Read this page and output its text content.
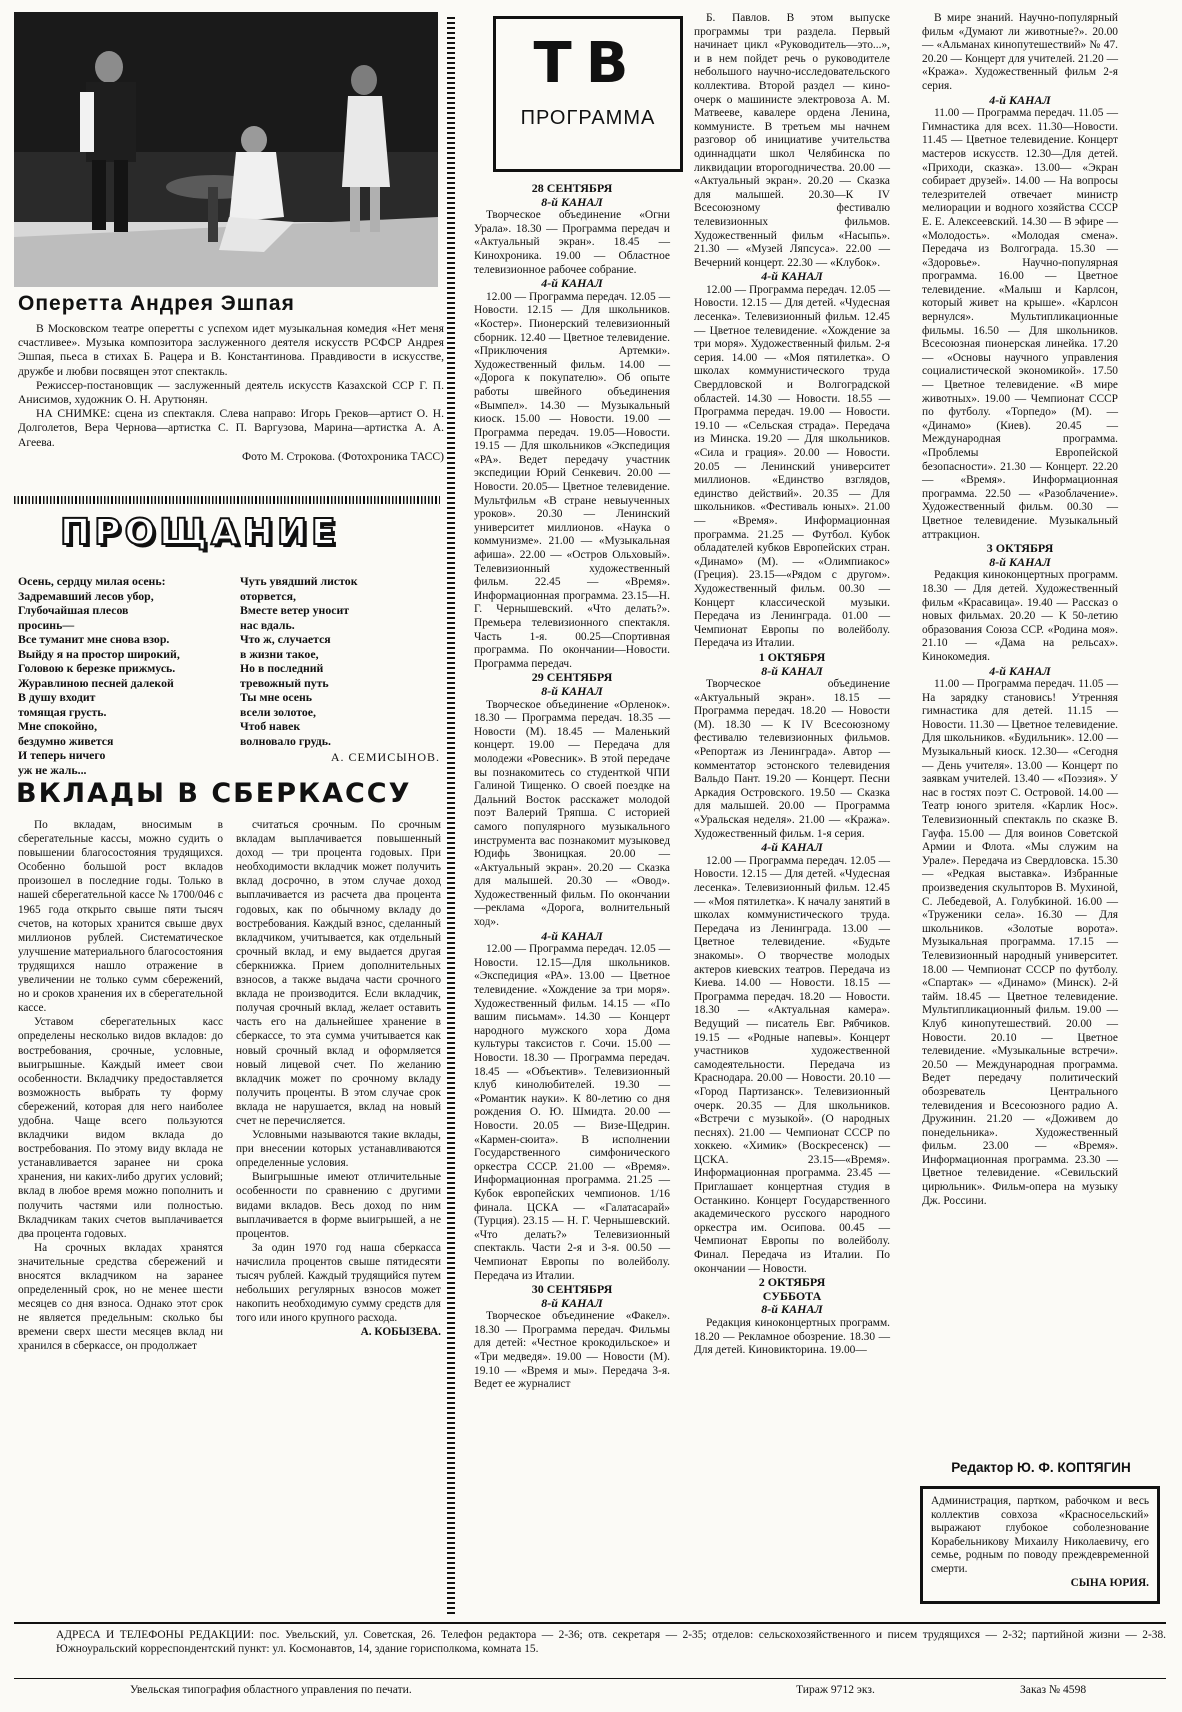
Оперетта Андрея Эшпая

В Московском театре оперетты с успехом идет музыкальная комедия «Нет меня счастливее». Музыка композитора заслуженного деятеля искусств РСФСР Андрея Эшпая, пьеса в стихах Б. Рацера и В. Константинова. Правдивости в искусстве, дружбе и любви посвящен этот спектакль.

Режиссер-постановщик — заслуженный деятель искусств Казахской ССР Г. П. Анисимов, художник О. Н. Арутюнян.

НА СНИМКЕ: сцена из спектакля. Слева направо: Игорь Греков—артист О. Н. Долголетов, Вера Чернова—артистка С. П. Варгузова, Марина—артистка А. А. Агеева.

Фото М. Строкова. (Фотохроника ТАСС)

ПРОЩАНИЕ

Осень, сердцу милая осень:

Задремавший лесов убор,

Глубочайшая плесов

просинь—

Все туманит мне снова взор.

Выйду я на простор широкий,

Головою к березке прижмусь.

Журавлиною песней далекой

В душу входит

томящая грусть.

Мне спокойно,

бездумно живется

И теперь ничего

уж не жаль...

Чуть увядший листок

оторвется,

Вместе ветер уносит

нас вдаль.

Что ж, случается

в жизни такое,

Но в последний

тревожный путь

Ты мне осень

всели золотое,

Чтоб навек

волновало грудь.

А. СЕМИСЫНОВ.
ВКЛАДЫ В СБЕРКАССУ

По вкладам, вносимым в сберегательные кассы, можно судить о повышении благосостояния трудящихся. Особенно большой рост вкладов произошел в последние годы. Только в нашей сберегательной кассе № 1700/046 с 1965 года открыто свыше пяти тысяч счетов, на которых хранится свыше двух миллионов рублей. Систематическое улучшение материального благосостояния трудящихся нашло отражение в увеличении не только сумм сбережений, но и сроков хранения их в сберегательной кассе.

Уставом сберегательных касс определены несколько видов вкладов: до востребования, срочные, условные, выигрышные. Каждый имеет свои особенности. Вкладчику предоставляется возможность выбрать ту форму сбережений, которая для него наиболее удобна. Чаще всего пользуются вкладчики видом вклада до востребования. По этому виду вклада не устанавливается заранее ни срока хранения, ни каких-либо других условий; вклад в любое время можно пополнить и получить частями или полностью. Вкладчикам таких счетов выплачивается два процента годовых.

На срочных вкладах хранятся значительные средства сбережений и вносятся вкладчиком на заранее определенный срок, но не менее шести месяцев со дня взноса. Однако этот срок не является предельным: сколько бы времени сверх шести месяцев вклад ни хранился в сберкассе, он продолжает

считаться срочным. По срочным вкладам выплачивается повышенный доход — три процента годовых. При необходимости вкладчик может получить вклад досрочно, в этом случае доход выплачивается из расчета два процента годовых, как по обычному вкладу до востребования. Каждый взнос, сделанный вкладчиком, учитывается, как отдельный срочный вклад, и ему выдается другая сберкнижка. Прием дополнительных взносов, а также выдача части срочного вклада не производится. Если вкладчик, получая срочный вклад, желает оставить часть его на дальнейшее хранение в сберкассе, то эта сумма учитывается как новый срочный вклад и оформляется новый лицевой счет. По желанию вкладчик может по срочному вкладу получить проценты. В этом случае срок вклада не нарушается, вклад на новый счет не перечисляется.

Условными называются такие вклады, при внесении которых устанавливаются определенные условия.

Выигрышные имеют отличительные особенности по сравнению с другими видами вкладов. Весь доход по ним выплачивается в форме выигрышей, а не процентов.

За один 1970 год наша сберкасса начислила процентов свыше пятидесяти тысяч рублей. Каждый трудящийся путем небольших регулярных взносов может накопить необходимую сумму средств для того или иного крупного расхода.

А. КОБЫЗЕВА.

ТВ
ПРОГРАММА

28 СЕНТЯБРЯ

8-й КАНАЛ

Творческое объединение «Огни Урала». 18.30 — Программа передач и «Актуальный экран». 18.45 — Кинохроника. 19.00 — Областное телевизионное рабочее собрание.

4-й КАНАЛ

12.00 — Программа передач. 12.05 — Новости. 12.15 — Для школьников. «Костер». Пионерский телевизионный сборник. 12.40 — Цветное телевидение. «Приключения Артемки». Художественный фильм. 14.00 — «Дорога к покупателю». Об опыте работы швейного объединения «Вымпел». 14.30 — Музыкальный киоск. 15.00 — Новости. 19.00 — Программа передач. 19.05—Новости. 19.15 — Для школьников «Экспедиция «РА». Ведет передачу участник экспедиции Юрий Сенкевич. 20.00 — Новости. 20.05— Цветное телевидение. Мультфильм «В стране невыученных уроков». 20.30 — Ленинский университет миллионов. «Наука о коммунизме». 21.00 — «Музыкальная афиша». 22.00 — «Остров Ольховый». Телевизионный художественный фильм. 22.45 — «Время». Информационная программа. 23.15—Н. Г. Чернышевский. «Что делать?». Премьера телевизионного спектакля. Часть 1-я. 00.25—Спортивная программа. По окончании—Новости. Программа передач.

29 СЕНТЯБРЯ

8-й КАНАЛ

Творческое объединение «Орленок». 18.30 — Программа передач. 18.35 — Новости (М). 18.45 — Маленький концерт. 19.00 — Передача для молодежи «Ровесник». В этой передаче вы познакомитесь со студенткой ЧПИ Галиной Тищенко. О своей поездке на Дальний Восток расскажет молодой поэт Валерий Тряпша. С историей самого популярного музыкального инструмента вас познакомит музыковед Юдифь Звоницкая. 20.00 — «Актуальный экран». 20.20 — Сказка для малышей. 20.30 — «Овод». Художественный фильм. По окончании —реклама «Дорога, волнительный ход».

4-й КАНАЛ

12.00 — Программа передач. 12.05 — Новости. 12.15—Для школьников. «Экспедиция «РА». 13.00 — Цветное телевидение. «Хождение за три моря». Художественный фильм. 14.15 — «По вашим письмам». 14.30 — Концерт народного мужского хора Дома культуры таксистов г. Сочи. 15.00 — Новости. 18.30 — Программа передач. 18.45 — «Объектив». Телевизионный клуб кинолюбителей. 19.30 — «Романтик науки». К 80-летию со дня рождения О. Ю. Шмидта. 20.00 — Новости. 20.05 — Визе-Щедрин. «Кармен-сюита». В исполнении Государственного симфонического оркестра СССР. 21.00 — «Время». Информационная программа. 21.25 — Кубок европейских чемпионов. 1/16 финала. ЦСКА — «Галатасарай» (Турция). 23.15 — Н. Г. Чернышевский. «Что делать?» Телевизионный спектакль. Части 2-я и 3-я. 00.50 — Чемпионат Европы по волейболу. Передача из Италии.

30 СЕНТЯБРЯ

8-й КАНАЛ

Творческое объединение «Факел». 18.30 — Программа передач. Фильмы для детей: «Честное крокодильское» и «Три медведя». 19.00 — Новости (М). 19.10 — «Время и мы». Передача 3-я. Ведет ее журналист

Б. Павлов. В этом выпуске программы три раздела. Первый начинает цикл «Руководитель—это...», и в нем пойдет речь о руководителе небольшого научно-исследовательского коллектива. Второй раздел — кино-очерк о машинисте электровоза А. М. Матвееве, кавалере ордена Ленина, коммунисте. В третьем мы начнем разговор об инициативе учительства одиннадцати школ Челябинска по ликвидации второгодничества. 20.00 — «Актуальный экран». 20.20 — Сказка для малышей. 20.30—К IV Всесоюзному фестивалю телевизионных фильмов. Художественный фильм «Насыпь». 21.30 — «Музей Ляпсуса». 22.00 — Вечерний концерт. 22.30 — «Клубок».

4-й КАНАЛ

12.00 — Программа передач. 12.05 — Новости. 12.15 — Для детей. «Чудесная лесенка». Телевизионный фильм. 12.45 — Цветное телевидение. «Хождение за три моря». Художественный фильм. 2-я серия. 14.00 — «Моя пятилетка». О школах коммунистического труда Свердловской и Волгоградской областей. 14.30 — Новости. 18.55 — Программа передач. 19.00 — Новости. 19.10 — «Сельская страда». Передача из Минска. 19.20 — Для школьников. «Сила и грация». 20.00 — Новости. 20.05 — Ленинский университет миллионов. «Единство взглядов, единство действий». 20.35 — Для школьников. «Фестиваль юных». 21.00 — «Время». Информационная программа. 21.25 — Футбол. Кубок обладателей кубков Европейских стран. «Динамо» (М). — «Олимпиакос» (Греция). 23.15—«Рядом с другом». Художественный фильм. 00.30 — Концерт классической музыки. Передача из Ленинграда. 01.00 — Чемпионат Европы по волейболу. Передача из Италии.

1 ОКТЯБРЯ

8-й КАНАЛ

Творческое объединение «Актуальный экран». 18.15 — Программа передач. 18.20 — Новости (М). 18.30 — К IV Всесоюзному фестивалю телевизионных фильмов. «Репортаж из Ленинграда». Автор — комментатор эстонского телевидения Вальдо Пант. 19.20 — Концерт. Песни Аркадия Островского. 19.50 — Сказка для малышей. 20.00 — Программа «Уральская неделя». 21.00 — «Кража». Художественный фильм. 1-я серия.

4-й КАНАЛ

12.00 — Программа передач. 12.05 — Новости. 12.15 — Для детей. «Чудесная лесенка». Телевизионный фильм. 12.45 — «Моя пятилетка». К началу занятий в школах коммунистического труда. Передача из Ленинграда. 13.00 — Цветное телевидение. «Будьте знакомы». О творчестве молодых актеров киевских театров. Передача из Киева. 14.00 — Новости. 18.15 — Программа передач. 18.20 — Новости. 18.30 — «Актуальная камера». Ведущий — писатель Евг. Рябчиков. 19.15 — «Родные напевы». Концерт участников художественной самодеятельности. Передача из Краснодара. 20.00 — Новости. 20.10 — «Город Партизанск». Телевизионный очерк. 20.35 — Для школьников. «Встречи с музыкой». (О народных песнях). 21.00 — Чемпионат СССР по хоккею. «Химик» (Воскресенск) — ЦСКА. 23.15—«Время». Информационная программа. 23.45 — Приглашает концертная студия в Останкино. Концерт Государственного академического русского народного оркестра им. Осипова. 00.45 — Чемпионат Европы по волейболу. Финал. Передача из Италии. По окончании — Новости.

2 ОКТЯБРЯ

СУББОТА

8-й КАНАЛ

Редакция киноконцертных программ. 18.20 — Рекламное обозрение. 18.30 — Для детей. Киновикторина. 19.00—

В мире знаний. Научно-популярный фильм «Думают ли животные?». 20.00 — «Альманах кинопутешествий» № 47. 20.20 — Концерт для учителей. 21.20 — «Кража». Художественный фильм 2-я серия.

4-й КАНАЛ

11.00 — Программа передач. 11.05 — Гимнастика для всех. 11.30—Новости. 11.45 — Цветное телевидение. Концерт мастеров искусств. 12.30—Для детей. «Приходи, сказка». 13.00— «Экран собирает друзей». 14.00 — На вопросы телезрителей отвечает министр мелиорации и водного хозяйства СССР Е. Е. Алексеевский. 14.30 — В эфире — «Молодость». «Молодая смена». Передача из Волгограда. 15.30 — «Здоровье». Научно-популярная программа. 16.00 — Цветное телевидение. «Малыш и Карлсон, который живет на крыше». «Карлсон вернулся». Мультипликационные фильмы. 16.50 — Для школьников. Всесоюзная пионерская линейка. 17.20 — «Основы научного управления социалистической экономикой». 17.50 — Цветное телевидение. «В мире животных». 19.00 — Чемпионат СССР по футболу. «Торпедо» (М). — «Динамо» (Киев). 20.45 — Международная программа. «Проблемы Европейской безопасности». 21.30 — Концерт. 22.20 — «Время». Информационная программа. 22.50 — «Разоблачение». Художественный фильм. 00.30 — Цветное телевидение. Музыкальный аттракцион.

3 ОКТЯБРЯ

8-й КАНАЛ

Редакция киноконцертных программ. 18.30 — Для детей. Художественный фильм «Красавица». 19.40 — Рассказ о новых фильмах. 20.20 — К 50-летию образования Союза ССР. «Родина моя». 21.10 — «Дама на рельсах». Кинокомедия.

4-й КАНАЛ

11.00 — Программа передач. 11.05 — На зарядку становись! Утренняя гимнастика для детей. 11.15 — Новости. 11.30 — Цветное телевидение. Для школьников. «Будильник». 12.00 —Музыкальный киоск. 12.30— «Сегодня — День учителя». 13.00 — Концерт по заявкам учителей. 13.40 — «Поэзия». У нас в гостях поэт С. Островой. 14.00 — Театр юного зрителя. «Карлик Нос». Телевизионный спектакль по сказке В. Гауфа. 15.00 — Для воинов Советской Армии и Флота. «Мы служим на Урале». Передача из Свердловска. 15.30 — «Редкая выставка». Избранные произведения скульпторов В. Мухиной, С. Лебедевой, А. Голубкиной. 16.00 — «Труженики села». 16.30 — Для школьников. «Золотые ворота». Музыкальная программа. 17.15 — Телевизионный народный университет. 18.00 — Чемпионат СССР по футболу. «Спартак» — «Динамо» (Минск). 2-й тайм. 18.45 — Цветное телевидение. Мультипликационный фильм. 19.00 — Клуб кинопутешествий. 20.00 — Новости. 20.10 — Цветное телевидение. «Музыкальные встречи». 20.50 — Международная программа. Ведет передачу политический обозреватель Центрального телевидения и Всесоюзного радио А. Дружинин. 21.20 — «Доживем до понедельника». Художественный фильм. 23.00 — «Время». Информационная программа. 23.30 — Цветное телевидение. «Севильский цирюльник». Фильм-опера на музыку Дж. Россини.

Редактор Ю. Ф. КОПТЯГИН

Администрация, партком, рабочком и весь коллектив совхоза «Красносельский» выражают глубокое соболезнование Корабельникову Михаилу Николаевичу, его семье, родным по поводу преждевременной смерти.

СЫНА ЮРИЯ.

АДРЕСА И ТЕЛЕФОНЫ РЕДАКЦИИ: пос. Увельский, ул. Советская, 26. Телефон редактора — 2-36; отв. секретаря — 2-35; отделов: сельскохозяйственного и писем трудящихся — 2-32; партийной жизни — 2-38. Южноуральский корреспондентский пункт: ул. Космонавтов, 14, здание горисполкома, комната 15.
Увельская типография областного управления по печати.	Тираж 9712 экз.	Заказ № 4598
